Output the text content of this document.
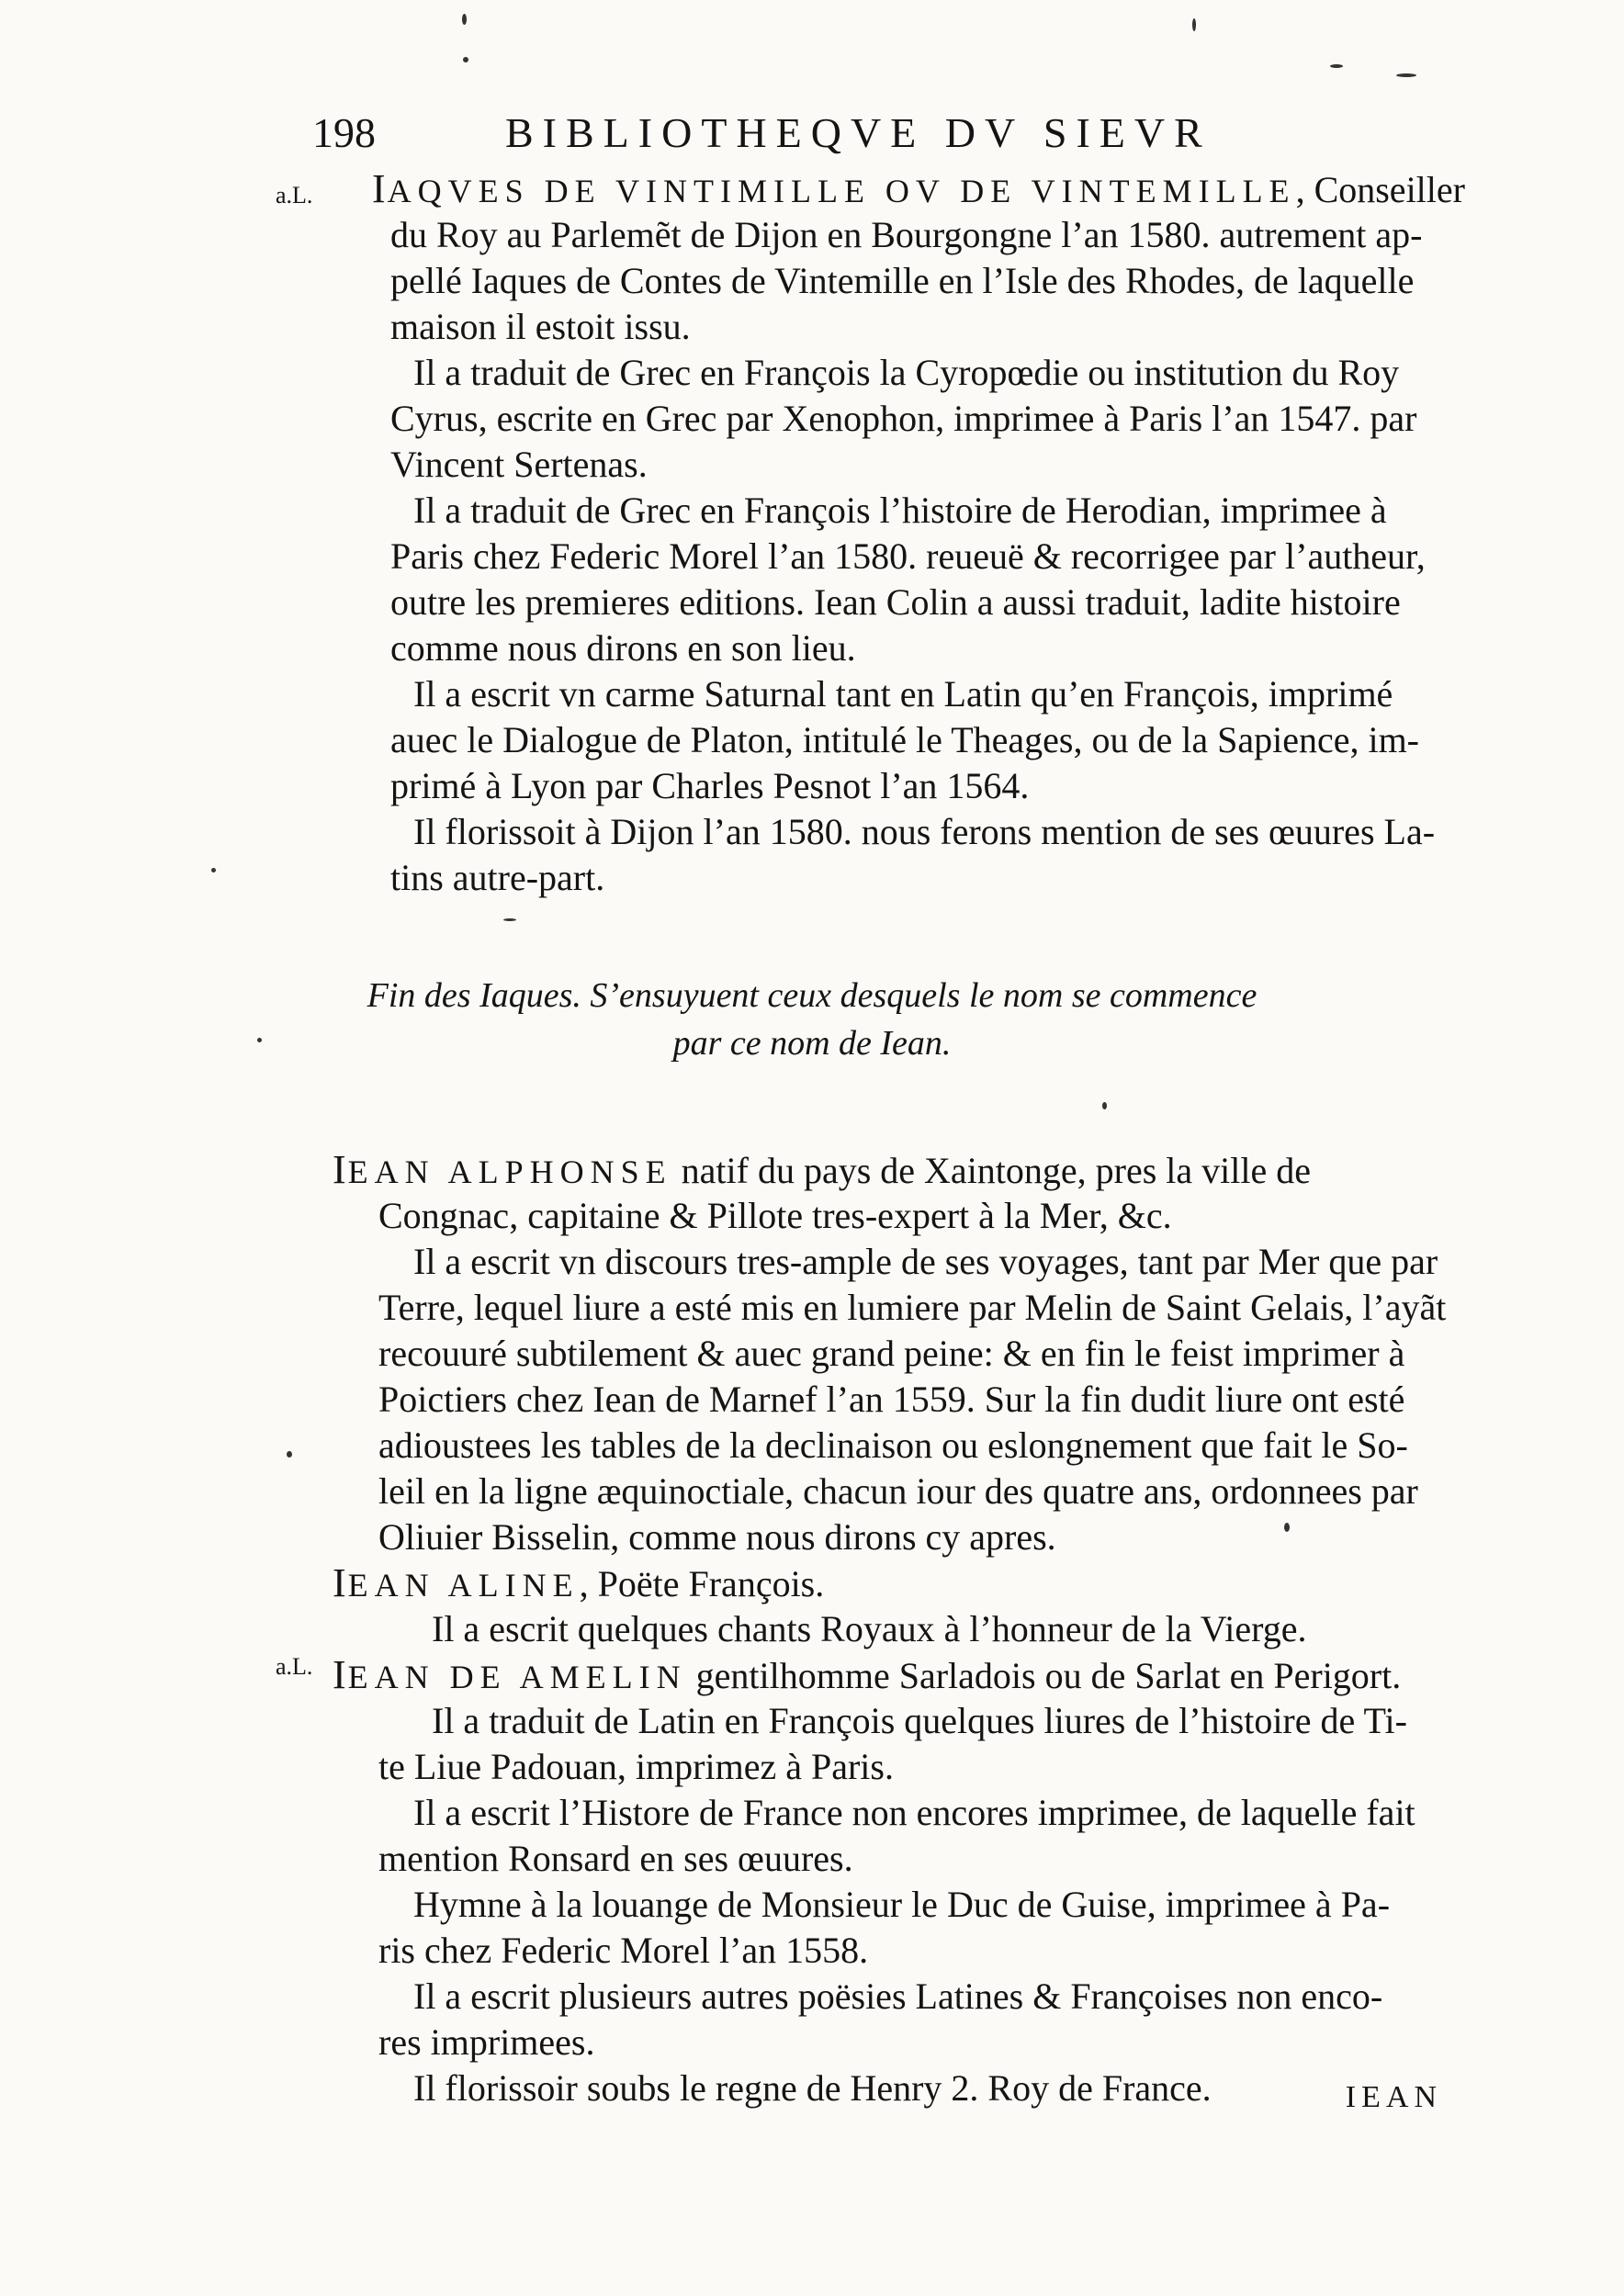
198	BIBLIOTHEQVE DV SIEVR
a.L.
a.L.
IAQVES DE VINTIMILLE OV DE VINTEMILLE, Conseiller
du Roy au Parlemẽt de Dijon en Bourgongne l’an 1580. autrement ap-
pellé Iaques de Contes de Vintemille en l’Isle des Rhodes, de laquelle
maison il estoit issu.
Il a traduit de Grec en François la Cyropœdie ou institution du Roy
Cyrus, escrite en Grec par Xenophon, imprimee à Paris l’an 1547. par
Vincent Sertenas.
Il a traduit de Grec en François l’histoire de Herodian, imprimee à
Paris chez Federic Morel l’an 1580. reueuë & recorrigee par l’autheur,
outre les premieres editions. Iean Colin a aussi traduit, ladite histoire
comme nous dirons en son lieu.
Il a escrit vn carme Saturnal tant en Latin qu’en François, imprimé
auec le Dialogue de Platon, intitulé le Theages, ou de la Sapience, im-
primé à Lyon par Charles Pesnot l’an 1564.
Il florissoit à Dijon l’an 1580. nous ferons mention de ses œuures La-
tins autre-part.
Fin des Iaques. S’ensuyuent ceux desquels le nom se commence
par ce nom de Iean.
IEAN ALPHONSE natif du pays de Xaintonge, pres la ville de
Congnac, capitaine & Pillote tres-expert à la Mer, &c.
Il a escrit vn discours tres-ample de ses voyages, tant par Mer que par
Terre, lequel liure a esté mis en lumiere par Melin de Saint Gelais, l’ayãt
recouuré subtilement & auec grand peine: & en fin le feist imprimer à
Poictiers chez Iean de Marnef l’an 1559. Sur la fin dudit liure ont esté
adioustees les tables de la declinaison ou eslongnement que fait le So-
leil en la ligne æquinoctiale, chacun iour des quatre ans, ordonnees par
Oliuier Bisselin, comme nous dirons cy apres.
IEAN ALINE, Poëte François.
Il a escrit quelques chants Royaux à l’honneur de la Vierge.
IEAN DE AMELIN gentilhomme Sarladois ou de Sarlat en Perigort.
Il a traduit de Latin en François quelques liures de l’histoire de Ti-
te Liue Padouan, imprimez à Paris.
Il a escrit l’Histore de France non encores imprimee, de laquelle fait
mention Ronsard en ses œuures.
Hymne à la louange de Monsieur le Duc de Guise, imprimee à Pa-
ris chez Federic Morel l’an 1558.
Il a escrit plusieurs autres poësies Latines & Françoises non enco-
res imprimees.
Il florissoir soubs le regne de Henry 2. Roy de France.	IEAN
